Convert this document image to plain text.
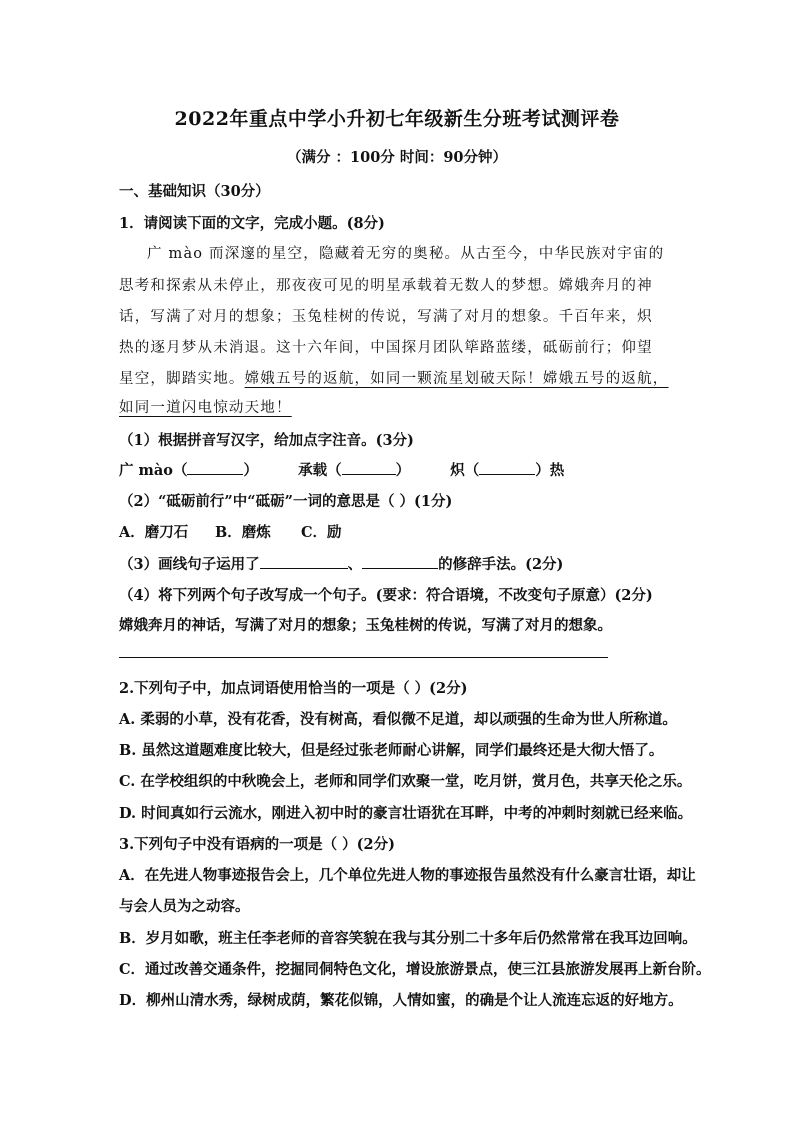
2022年重点中学小升初七年级新生分班考试测评卷
（满分 ：100分 时间：90分钟）
一、基础知识（30分）
1．请阅读下面的文字，完成小题。(8分)
广 mào 而深邃的星空，隐藏着无穷的奥秘。从古至今，中华民族对宇宙的
思考和探索从未停止，那夜夜可见的明星承载着无数人的梦想。嫦娥奔月的神
话，写满了对月的想象；玉兔桂树的传说，写满了对月的想象。千百年来，炽
热的逐月梦从未消退。这十六年间，中国探月团队筚路蓝缕，砥砺前行；仰望
星空，脚踏实地。嫦娥五号的返航，如同一颗流星划破天际！嫦娥五号的返航，
如同一道闪电惊动天地！
（1）根据拼音写汉字，给加点字注音。(3分)
广 mào（	）	承载（	）	炽（	）热
（2）“砥砺前行”中“砥砺”一词的意思是（ ）(1分)
A．磨刀石 B．磨炼 C．励
（3）画线句子运用了	、	的修辞手法。(2分)
（4）将下列两个句子改写成一个句子。(要求：符合语境，不改变句子原意）(2分)
嫦娥奔月的神话，写满了对月的想象；玉兔桂树的传说，写满了对月的想象。
2.下列句子中，加点词语使用恰当的一项是（ ）(2分)
A. 柔弱的小草，没有花香，没有树高，看似微不足道，却以顽强的生命为世人所称道。
B. 虽然这道题难度比较大，但是经过张老师耐心讲解，同学们最终还是大彻大悟了。
C. 在学校组织的中秋晚会上，老师和同学们欢聚一堂，吃月饼，赏月色，共享天伦之乐。
D. 时间真如行云流水，刚进入初中时的豪言壮语犹在耳畔，中考的冲刺时刻就已经来临。
3.下列句子中没有语病的一项是（ ）(2分)
A．在先进人物事迹报告会上，几个单位先进人物的事迹报告虽然没有什么豪言壮语，却让
与会人员为之动容。
B．岁月如歌，班主任李老师的音容笑貌在我与其分别二十多年后仍然常常在我耳边回响。
C．通过改善交通条件，挖掘同侗特色文化，增设旅游景点，使三江县旅游发展再上新台阶。
D．柳州山清水秀，绿树成荫，繁花似锦，人情如蜜，的确是个让人流连忘返的好地方。
